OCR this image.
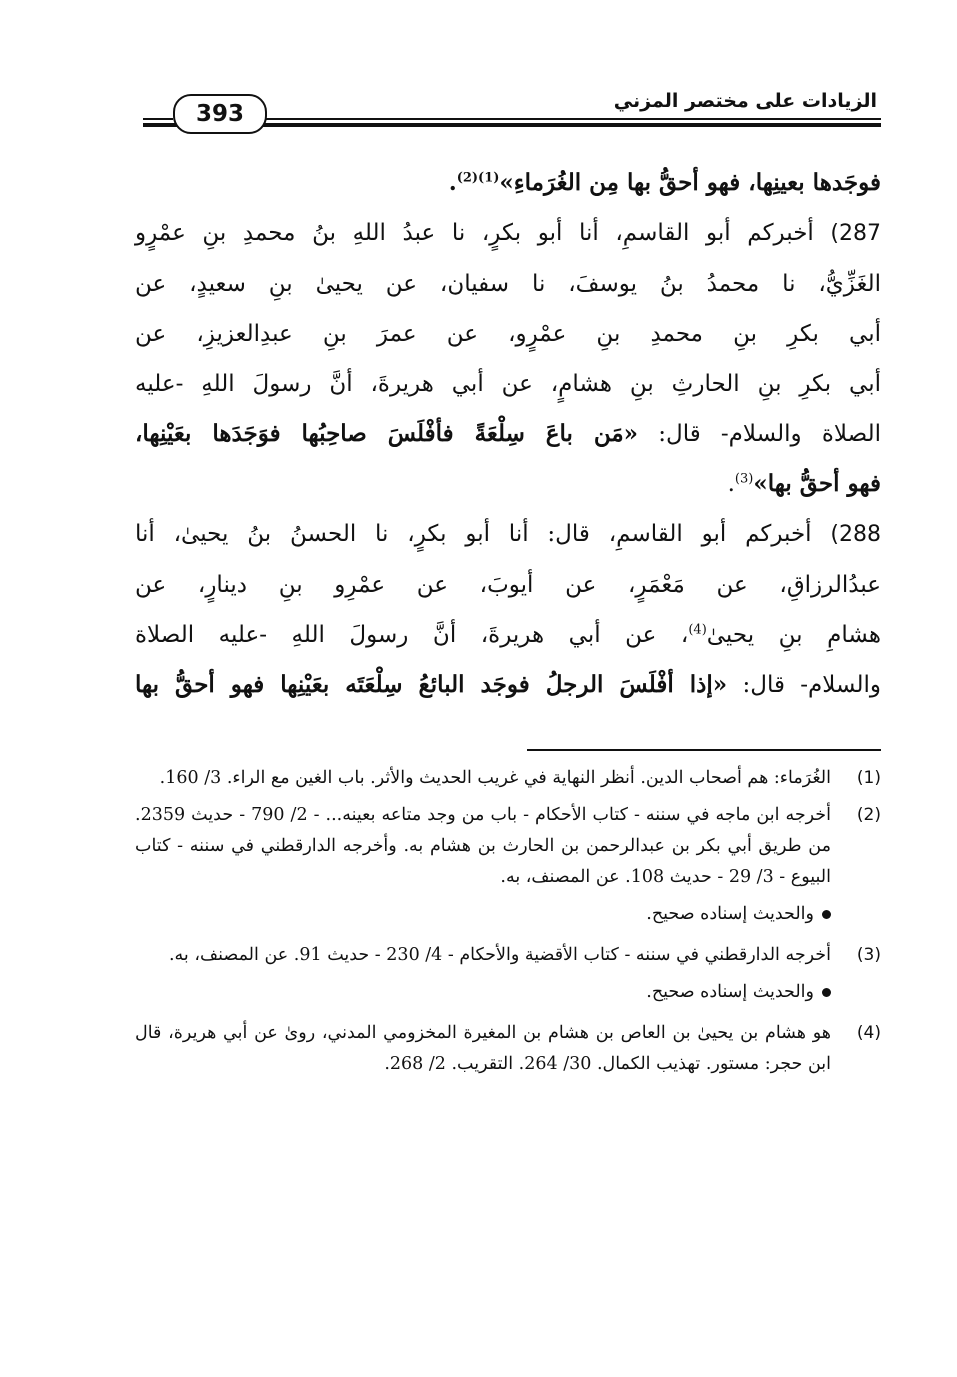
393	الزيادات على مختصر المزني

فوجَدها بعينِها، فهو أحقُّ بها مِن الغُرَماءِ»$^{(1)(2)}$.

287) أخبركم أبو القاسمِ، أنا أبو بكرٍ، نا عبدُ اللهِ بنُ محمدِ بنِ عمْرٍو
الغَزِّيُّ، نا محمدُ بنُ يوسفَ، نا سفيان، عن يحيىٰ بنِ سعيدٍ، عن
أبي بكرِ بنِ محمدِ بنِ عمْرٍو، عن عمرَ بنِ عبدِالعزيزِ، عن
أبي بكرِ بنِ الحارثِ بنِ هشامٍ، عن أبي هريرةَ، أنَّ رسولَ اللهِ -عليه
الصلاة والسلام- قال: «مَن باعَ سِلْعَةً فأفْلَسَ صاحِبُها فوَجَدَها بعَيْنِها،
فهو أحقُّ بها»$^{(3)}$.

288) أخبركم أبو القاسمِ، قال: أنا أبو بكرٍ، نا الحسنُ بنُ يحيىٰ، أنا
عبدُالرزاقِ، عن مَعْمَرٍ، عن أيوبَ، عن عمْرِو بنِ دينارٍ، عن
هشامِ بنِ يحيىٰ$^{(4)}$، عن أبي هريرةَ، أنَّ رسولَ اللهِ -عليه الصلاة
والسلام- قال: «إذا أفْلَسَ الرجلُ فوجَد البائعُ سِلْعَتَه بعَيْنِها فهو أحقُّ بها

(1)
الغُرَماء: هم أصحاب الدين. أنظر النهاية في غريب الحديث والأثر. باب الغين مع الراء. 3/ 160.
(2)
أخرجه ابن ماجه في سننه - كتاب الأحكام - باب من وجد متاعه بعينه... - 2/ 790 - حديث 2359. من طريق أبي بكر بن عبدالرحمن بن الحارث بن هشام به. وأخرجه الدارقطني في سننه - كتاب البيوع - 3/ 29 - حديث 108. عن المصنف، به.
والحديث إسناده صحيح.
(3)
أخرجه الدارقطني في سننه - كتاب الأقضية والأحكام - 4/ 230 - حديث 91. عن المصنف، به.
والحديث إسناده صحيح.
(4)
هو هشام بن يحيىٰ بن العاص بن هشام بن المغيرة المخزومي المدني، روىٰ عن أبي هريرة، قال ابن حجر: مستور. تهذيب الكمال. 30/ 264. التقريب. 2/ 268.
